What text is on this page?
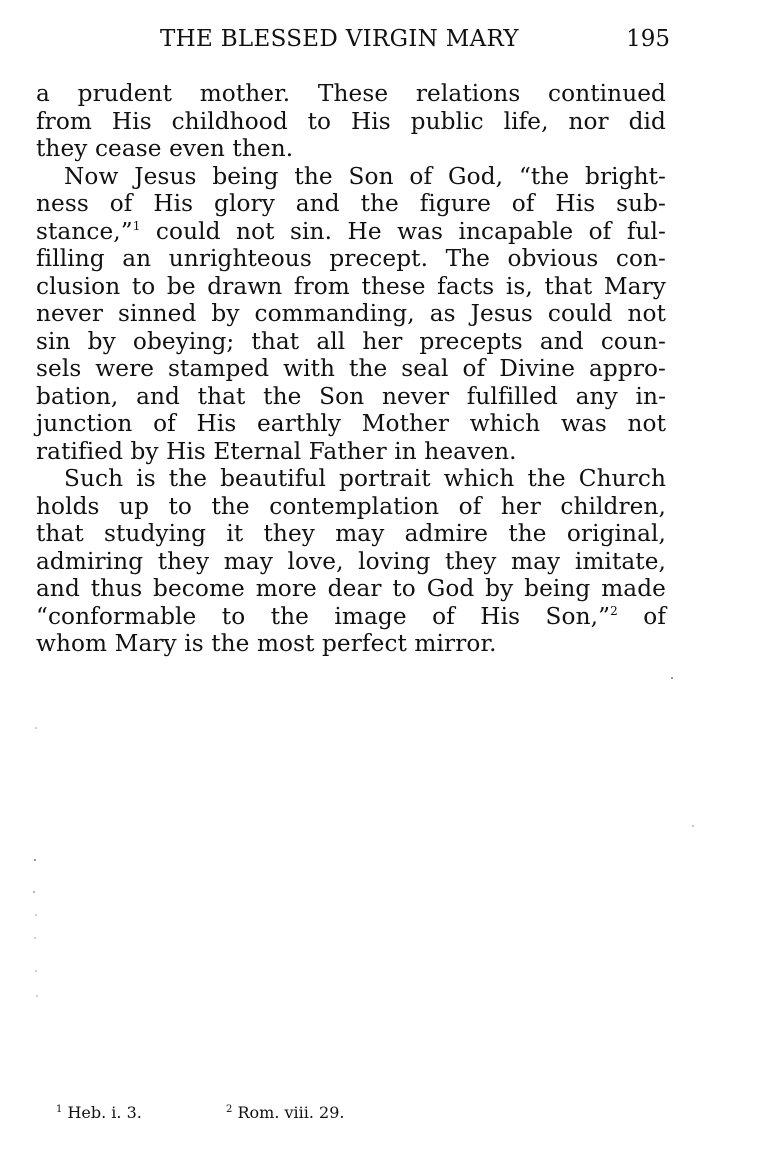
THE BLESSED VIRGIN MARY	195
a prudent mother. These relations continued
from His childhood to His public life, nor did
they cease even then.
Now Jesus being the Son of God, “the bright-
ness of His glory and the figure of His sub-
stance,”$^1$ could not sin. He was incapable of ful-
filling an unrighteous precept. The obvious con-
clusion to be drawn from these facts is, that Mary
never sinned by commanding, as Jesus could not
sin by obeying; that all her precepts and coun-
sels were stamped with the seal of Divine appro-
bation, and that the Son never fulfilled any in-
junction of His earthly Mother which was not
ratified by His Eternal Father in heaven.
Such is the beautiful portrait which the Church
holds up to the contemplation of her children,
that studying it they may admire the original,
admiring they may love, loving they may imitate,
and thus become more dear to God by being made
“conformable to the image of His Son,”$^2$ of
whom Mary is the most perfect mirror.
$^1$ Heb. i. 3.	$^2$ Rom. viii. 29.
